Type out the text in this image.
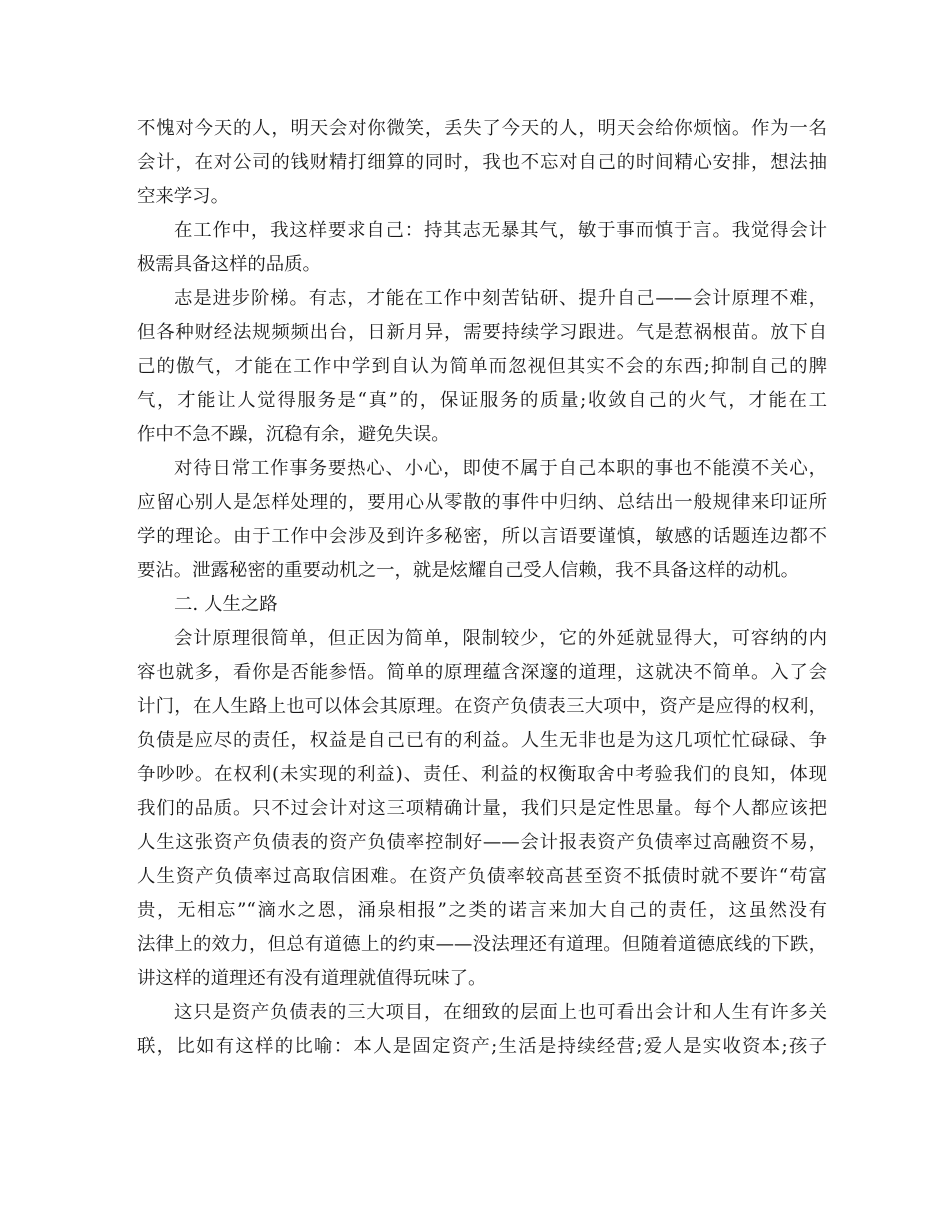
不愧对今天的人，明天会对你微笑，丢失了今天的人，明天会给你烦恼。作为一名
会计，在对公司的钱财精打细算的同时，我也不忘对自己的时间精心安排，想法抽
空来学习。
在工作中，我这样要求自己：持其志无暴其气，敏于事而慎于言。我觉得会计
极需具备这样的品质。
志是进步阶梯。有志，才能在工作中刻苦钻研、提升自己——会计原理不难，
但各种财经法规频频出台，日新月异，需要持续学习跟进。气是惹祸根苗。放下自
己的傲气，才能在工作中学到自认为简单而忽视但其实不会的东西;抑制自己的脾
气，才能让人觉得服务是“真”的，保证服务的质量;收敛自己的火气，才能在工
作中不急不躁，沉稳有余，避免失误。
对待日常工作事务要热心、小心，即使不属于自己本职的事也不能漠不关心，
应留心别人是怎样处理的，要用心从零散的事件中归纳、总结出一般规律来印证所
学的理论。由于工作中会涉及到许多秘密，所以言语要谨慎，敏感的话题连边都不
要沾。泄露秘密的重要动机之一，就是炫耀自己受人信赖，我不具备这样的动机。
二. 人生之路
会计原理很简单，但正因为简单，限制较少，它的外延就显得大，可容纳的内
容也就多，看你是否能参悟。简单的原理蕴含深邃的道理，这就决不简单。入了会
计门，在人生路上也可以体会其原理。在资产负债表三大项中，资产是应得的权利，
负债是应尽的责任，权益是自己已有的利益。人生无非也是为这几项忙忙碌碌、争
争吵吵。在权利(未实现的利益)、责任、利益的权衡取舍中考验我们的良知，体现
我们的品质。只不过会计对这三项精确计量，我们只是定性思量。每个人都应该把
人生这张资产负债表的资产负债率控制好——会计报表资产负债率过高融资不易，
人生资产负债率过高取信困难。在资产负债率较高甚至资不抵债时就不要许“苟富
贵，无相忘”“滴水之恩，涌泉相报”之类的诺言来加大自己的责任，这虽然没有
法律上的效力，但总有道德上的约束——没法理还有道理。但随着道德底线的下跌，
讲这样的道理还有没有道理就值得玩味了。
这只是资产负债表的三大项目，在细致的层面上也可看出会计和人生有许多关
联，比如有这样的比喻：本人是固定资产;生活是持续经营;爱人是实收资本;孩子
